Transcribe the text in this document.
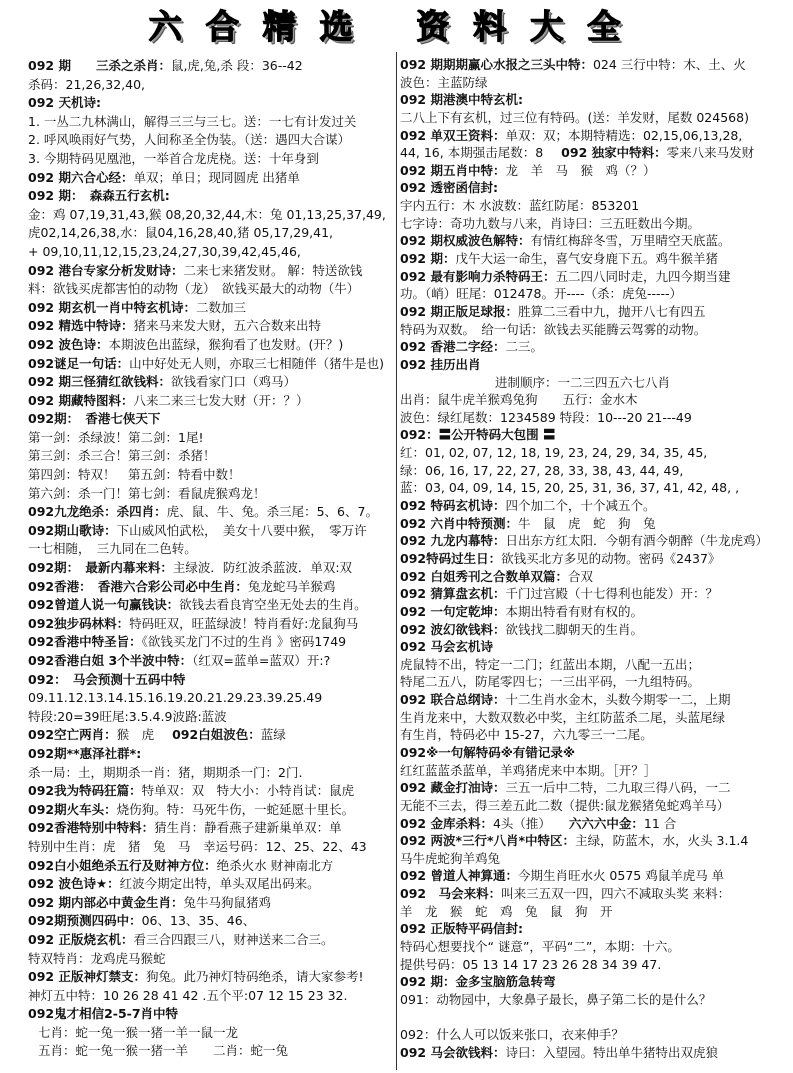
六合精选 资料大全
092 期　　三杀之杀肖：鼠,虎,兔,杀 段：36--42
杀码：21,26,32,40,
092 天机诗:
1. 一丛二九林满山，解得三三与三七。送：一七有计发过关
2. 呼风唤雨好气势，人间称圣全伪装。（送：遇四大合谋）
3. 今期特码见凰池，一举首合龙虎桡。送：十年身到
092 期六合心经：单双；单日；现同圆虎 出猪单
092 期：　森森五行玄机:
金：鸡 07,19,31,43,猴 08,20,32,44,木：兔 01,13,25,37,49,
虎02,14,26,38,水：鼠04,16,28,40,猪 05,17,29,41,
+ 09,10,11,12,15,23,24,27,30,39,42,45,46,
092 港台专家分析发财诗：二来七来猪发财。 解：特送欲钱
料：欲钱买虎都害怕的动物（龙）　欲钱买最大的动物（牛）
092 期玄机一肖中特玄机诗：二数加三
092 精选中特诗：猪来马来发大财，五六合数来出特
092 波色诗：本期波色出蓝绿，猴狗看了也发财。(开？)
092谜足一句话：山中好处无人则，亦取三七相随伴（猪牛是也)
092 期三怪猜红欲钱料：欲钱看家门口（鸡马）
092 期藏特图料：八来二来三七发大财（开：？）
092期：　香港七侠天下
第一剑：杀绿波！第二剑：1尾!
第三剑：杀三合！第三剑：杀猪！
第四剑：特双！　第五剑：特看中数！
第六剑：杀一门！第七剑：看鼠虎猴鸡龙！
092九龙绝杀：杀四肖：虎、鼠、牛、兔。杀三尾：5、6、7。
092期山歌诗：下山威风怕武松，　美女十八要中猴，　零万许
一七相随，　三九同在二色转。
092期：　最新内幕来料：主绿波．防红波杀蓝波．单双:双
092香港：　香港六合彩公司必中生肖：兔龙蛇马羊猴鸡
092曾道人说一句赢钱诀：欲钱去看良宵空坐无处去的生肖。
092独步码林料：特码旺双，旺蓝绿波！特肖看好:龙鼠狗马
092香港中特圣旨：《欲钱买龙门不过的生肖 》密码1749
092香港白姐 3个半波中特：（红双=蓝单=蓝双）开:?
092：　马会预测十五码中特
09.11.12.13.14.15.16.19.20.21.29.23.39.25.49
特段:20=39旺尾:3.5.4.9波路:蓝波
092空亡两肖：猴　虎 092白姐波色：蓝绿
092期**惠泽社群*:
杀一局：土，期期杀一肖：猪，期期杀一门：2门.
092我为特码狂篇：特单双：双　特大小：小特肖试：鼠虎
092期火车头：烧伤狗。特：马死牛伤，一蛇延愿十里长。
092香港特别中特料：猜生肖：静看燕子建新巢单双：单
特别中生肖：虎　猪　兔　马　幸运号码：12、25、22、43
092白小姐绝杀五行及财神方位：绝杀火水 财神南北方
092 波色诗★：红波今期定出特，单头双尾出码来。
092 期内部必中黄金生肖：兔牛马狗鼠猪鸡
092期预测四码中：06、13、35、46、
092 正版烧玄机：看三合四跟三八，财神送来二合三。
特双特肖：龙鸡虎马猴蛇
092 正版神灯禁支：狗兔。此乃神灯特码绝杀，请大家参考!
神灯五中特：10 26 28 41 42 .五个平:07 12 15 23 32.
092鬼才相信2-5-7肖中特
七肖：蛇一兔一猴一猪一羊一鼠一龙
五肖：蛇一兔一猴一猪一羊　　二肖：蛇一兔
092 期期期赢心水报之三头中特：024 三行中特：木、土、火
波色：主蓝防绿
092 期港澳中特玄机:
二八上下有玄机，过三位有特码。(送：羊发财，尾数 024568)
092 单双王资料：单双：双；本期特精选：02,15,06,13,28,
44, 16, 本期强击尾数：8 092 独家中特料：零来八来马发财
092 期五肖中特：龙　羊　马　猴　鸡（？）
092 透密函信封:
宇内五行：木 水波数：蓝红防尾：853201
七字诗：奇功九数与八来，肖诗曰：三五旺数出今期。
092 期权威波色解特：有情红梅辞冬雪，万里晴空天底蓝。
092 期：戊午大运一命生，喜气安身鹿下五。鸡牛猴羊猪
092 最有影响力杀特码王：五二四八同时走，九四今期当建
功。（峭）旺尾：012478。开----（杀：虎兔-----）
092 期正版足球报：胜算二三看中九，抛开八七有四五
特码为双数。　给一句话：欲钱去买能腾云驾雾的动物。
092 香港二字经：二三。
092 挂历出肖
进制顺序：一二三四五六七八肖
出肖：鼠牛虎羊猴鸡兔狗　　五行：金水木
波色：绿红尾数：1234589 特段：10---20 21---49
092：〓公开特码大包围 〓
红：01, 02, 07, 12, 18, 19, 23, 24, 29, 34, 35, 45,
绿：06, 16, 17, 22, 27, 28, 33, 38, 43, 44, 49,
蓝：03, 04, 09, 14, 15, 20, 25, 31, 36, 37, 41, 42, 48, ,
092 特码玄机诗：四个加二个，十个减五个。
092 六肖中特预测：牛　鼠　虎　蛇　狗　兔
092 九龙内幕特：日出东方红太阳．今朝有酒今朝醉（牛龙虎鸡）
092特码过生日：欲钱买北方多见的动物。密码《2437》
092 白姐秀刊之合数单双篇：合双
092 猜算盘玄机：千门过宫殿（十七得利也能发）开：？
092 一句定乾坤：本期出特看有财有权的。
092 波幻欲钱料：欲钱找二脚朝天的生肖。
092 马会玄机诗
虎鼠特不出，特定一二门；红蓝出本期，八配一五出；
特尾二五八，防尾零四七；一三出平码，一九组特码。
092 联合总纲诗：十二生肖水金木，头数今期零一二，上期
生肖龙来中，大数双数必中奖，主红防蓝杀二尾，头蓝尾绿
有生肖，特码必中 15-27，六九零三一二尾。
092※一句解特码※有错记录※
红红蓝蓝杀蓝单，羊鸡猪虎来中本期。［开？］
092 藏金打油诗：三五一后中二特，二九取三得八码，一二
无能不三去，得三差五此二数（提供:鼠龙猴猪兔蛇鸡羊马）
092 金库杀料：4头（推） 六六六中金：11 合
092 两波*三行*八肖*中特区：主绿，防蓝木，水，火头 3.1.4
马牛虎蛇狗羊鸡兔
092 曾道人神算通：今期生肖旺水火 0575 鸡鼠羊虎马 单
092　马会来料：叫来三五双一四，四六不减取头奖 来料：
羊　龙　猴　蛇　鸡　兔　鼠　狗　开
092 正版特平码信封:
特码心想要找个“ 谜意”，平码“二”，本期：十六。
提供号码：05 13 14 17 23 26 28 34 39 47.
092 期：金多宝脑筋急转弯
091：动物园中，大象鼻子最长，鼻子第二长的是什么？
092：什么人可以饭来张口，衣来伸手？
092 马会欲钱料：诗曰：入望园。特出单牛猪特出双虎狼
